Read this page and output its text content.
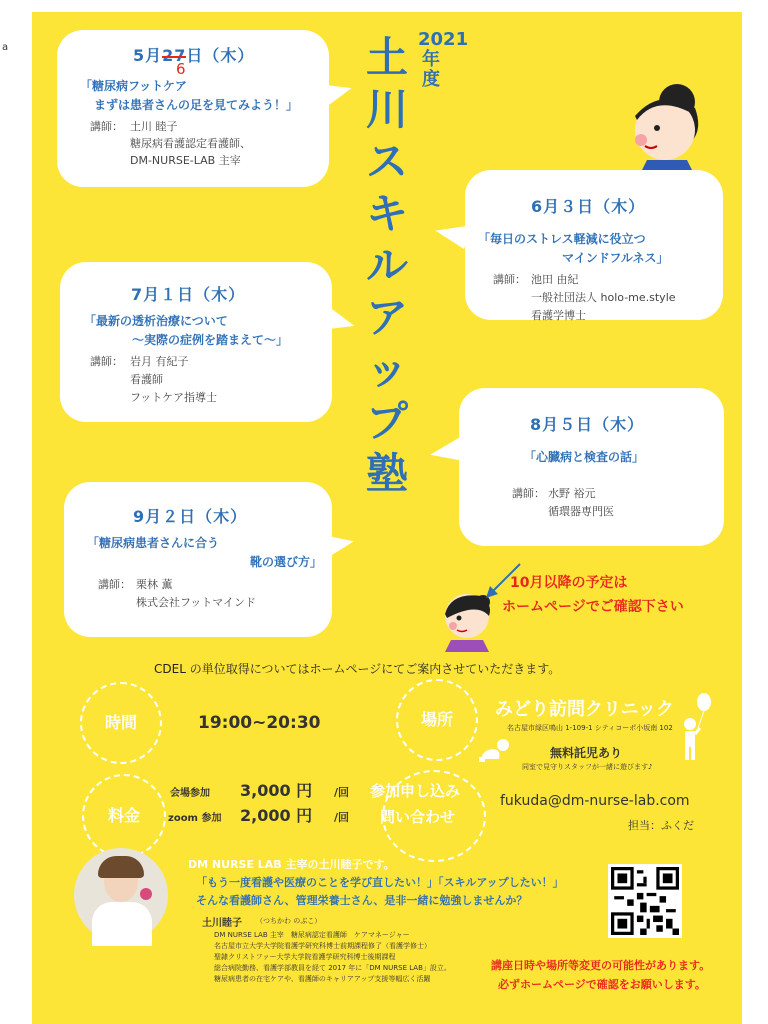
a	土川スキルアップ塾
2021年度
5月27
日（木）
6
「糖尿病フットケア
まずは患者さんの足を見てみよう！」
講師： 土川 睦子
糖尿病看護認定看護師、
DM-NURSE-LAB 主宰
6月３日（木）
「毎日のストレス軽減に役立つ
マインドフルネス」
講師： 池田 由紀
一般社団法人 holo-me.style
看護学博士
7月１日（木）
「最新の透析治療について
～実際の症例を踏まえて～」
講師： 岩月 有紀子
看護師
フットケア指導士
8月５日（木）
「心臓病と検査の話」
講師： 水野 裕元
循環器専門医
9月２日（木）
「糖尿病患者さんに合う
靴の選び方」
講師： 栗林 薫
株式会社フットマインド
10月以降の予定は
ホームページでご確認下さい
CDEL の単位取得についてはホームページにてご案内させていただきます。
時間	19:00~20:30	場所	みどり訪問クリニック
名古屋市緑区鳴山 1-109-1 シティコーポ小坂南 102
無料託児あり
同室で見守りスタッフが一緒に遊びます♪
料金
会場参加 3,000 円 /回
zoom 参加 2,000 円 /回
参加申し込み
問い合わせ
fukuda@dm-nurse-lab.com
担当：ふくだ
DM NURSE LAB 主宰の土川睦子です。
「もう一度看護や医療のことを学び直したい！」「スキルアップしたい！」
そんな看護師さん、管理栄養士さん、是非一緒に勉強しませんか？
土川睦子 （つちかわ のぶこ）
DM NURSE LAB 主宰　糖尿病認定看護師　ケアマネージャー
名古屋市立大学大学院看護学研究科博士前期課程修了（看護学修士）
聖隷クリストファー大学大学院看護学研究科博士後期課程
総合病院勤務、看護学部教員を経て 2017 年に「DM NURSE LAB」設立。
糖尿病患者の在宅ケアや、看護師のキャリアアップ支援等幅広く活躍
講座日時や場所等変更の可能性があります。
必ずホームページで確認をお願いします。
